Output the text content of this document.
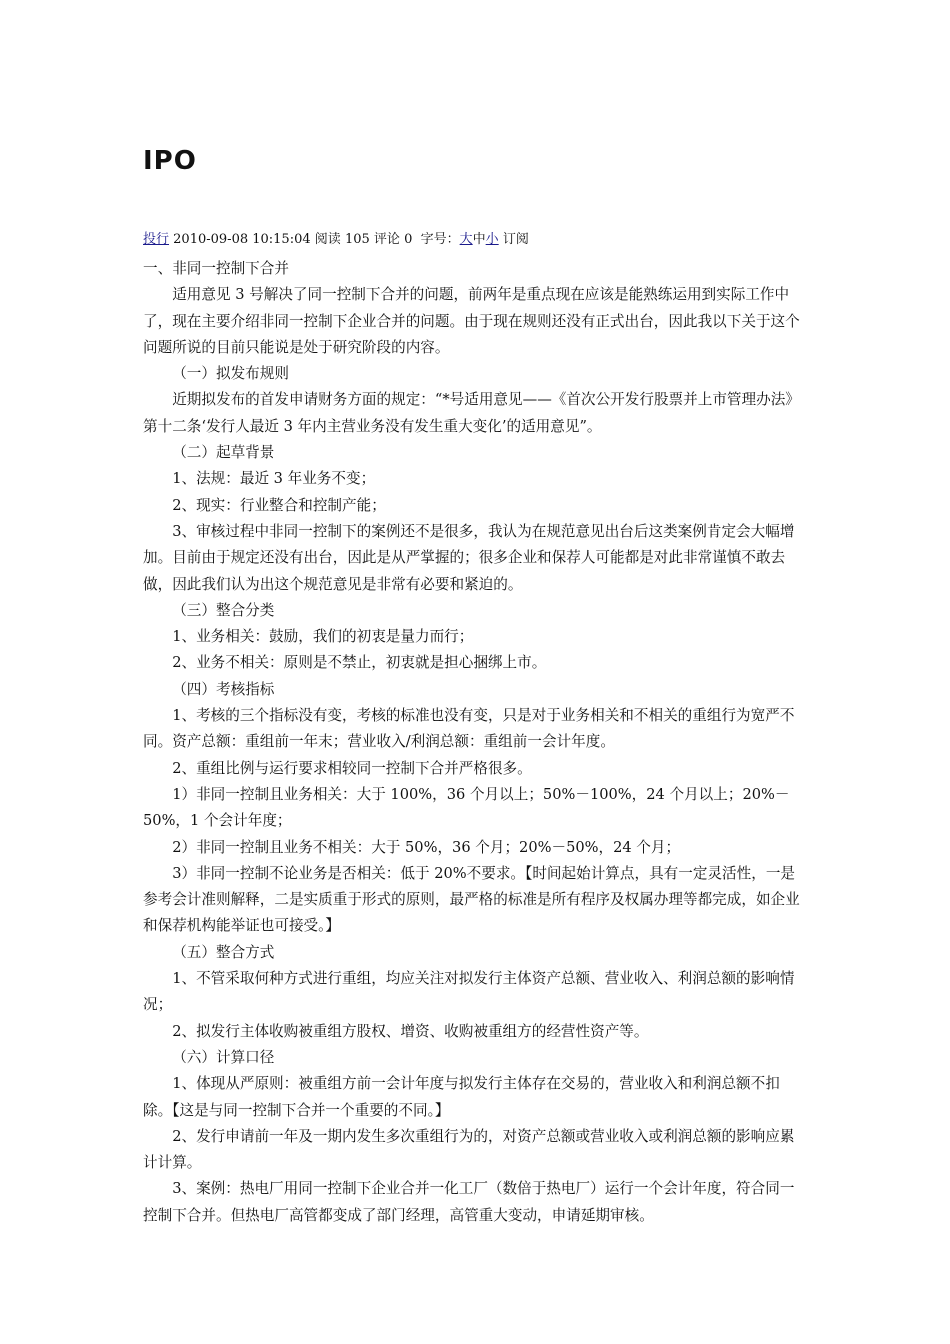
IPO
投行 2010-09-08 10:15:04 阅读 105 评论 0 字号：大中小 订阅

一、非同一控制下合并

适用意见 3 号解决了同一控制下合并的问题，前两年是重点现在应该是能熟练运用到实际工作中了，现在主要介绍非同一控制下企业合并的问题。由于现在规则还没有正式出台，因此我以下关于这个问题所说的目前只能说是处于研究阶段的内容。

（一）拟发布规则

近期拟发布的首发申请财务方面的规定：“*号适用意见——《首次公开发行股票并上市管理办法》第十二条‘发行人最近 3 年内主营业务没有发生重大变化’的适用意见”。

（二）起草背景

1、法规：最近 3 年业务不变；

2、现实：行业整合和控制产能；

3、审核过程中非同一控制下的案例还不是很多，我认为在规范意见出台后这类案例肯定会大幅增加。目前由于规定还没有出台，因此是从严掌握的；很多企业和保荐人可能都是对此非常谨慎不敢去做，因此我们认为出这个规范意见是非常有必要和紧迫的。

（三）整合分类

1、业务相关：鼓励，我们的初衷是量力而行；

2、业务不相关：原则是不禁止，初衷就是担心捆绑上市。

（四）考核指标

1、考核的三个指标没有变，考核的标准也没有变，只是对于业务相关和不相关的重组行为宽严不同。资产总额：重组前一年末；营业收入/利润总额：重组前一会计年度。

2、重组比例与运行要求相较同一控制下合并严格很多。

1）非同一控制且业务相关：大于 100%，36 个月以上；50%－100%，24 个月以上；20%－50%，1 个会计年度；

2）非同一控制且业务不相关：大于 50%，36 个月；20%－50%，24 个月；

3）非同一控制不论业务是否相关：低于 20%不要求。【时间起始计算点，具有一定灵活性，一是参考会计准则解释，二是实质重于形式的原则，最严格的标准是所有程序及权属办理等都完成，如企业和保荐机构能举证也可接受。】

（五）整合方式

1、不管采取何种方式进行重组，均应关注对拟发行主体资产总额、营业收入、利润总额的影响情况；

2、拟发行主体收购被重组方股权、增资、收购被重组方的经营性资产等。

（六）计算口径

1、体现从严原则：被重组方前一会计年度与拟发行主体存在交易的，营业收入和利润总额不扣除。【这是与同一控制下合并一个重要的不同。】

2、发行申请前一年及一期内发生多次重组行为的，对资产总额或营业收入或利润总额的影响应累计计算。

3、案例：热电厂用同一控制下企业合并一化工厂（数倍于热电厂）运行一个会计年度，符合同一控制下合并。但热电厂高管都变成了部门经理，高管重大变动，申请延期审核。
